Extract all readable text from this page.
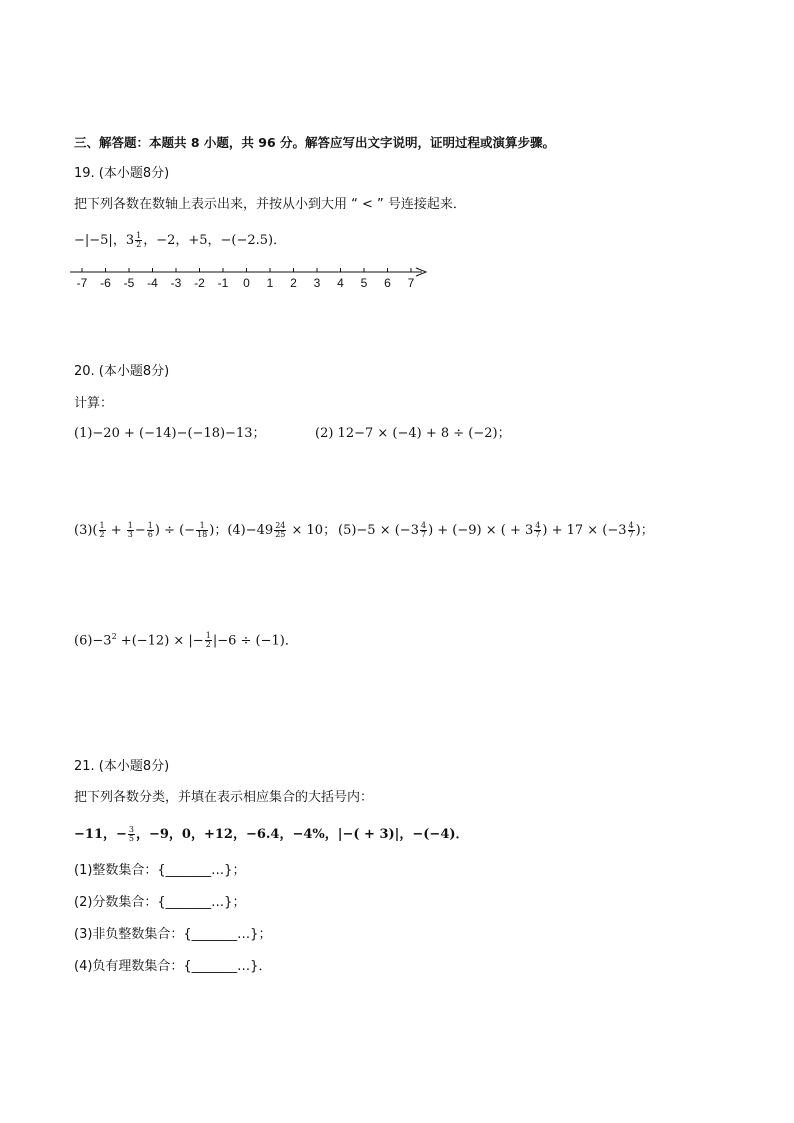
三、解答题：本题共 8 小题，共 96 分。解答应写出文字说明，证明过程或演算步骤。
19. (本小题8分)
把下列各数在数轴上表示出来，并按从小到大用 “ < ” 号连接起来．
−|−5|，$3 \frac{1}{2}$ ，−2，+5，−(−2.5)．
-7 -6 -5 -4 -3 -2 -1 0 1 2 3 4 5 6 7
20. (本小题8分)
计算：
(1)−20 + (−14)−(−18)−13；	(2) 12−7 × (−4) + 8 ÷ (−2)；
$(3)( \frac{1}{2} + \frac{1}{3} - \frac{1}{6}$ ) ÷ (− $\frac{1}{18}$ )；$(4)-49 \frac{24}{25} \times 10$； $(5)-5 \times (-3 \frac{4}{7}$ ) + (−9) × ( + $3 \frac{4}{7}$ ) + $17 \times (-3 \frac{4}{7}$ )；
$(6)-3^2 +(-12)$ × |− $\frac{1}{2} |-6 \div (-1)$．
21. (本小题8分)
把下列各数分类，并填在表示相应集合的大括号内：
−11，− $\frac{3}{5}$ ，−9，0，+12，−6.4，−4%，|−( + 3)|，−(−4)．
(1)整数集合：{_______…}；
(2)分数集合：{_______…}；
(3)非负整数集合：{_______…}；
(4)负有理数集合：{_______…}．
